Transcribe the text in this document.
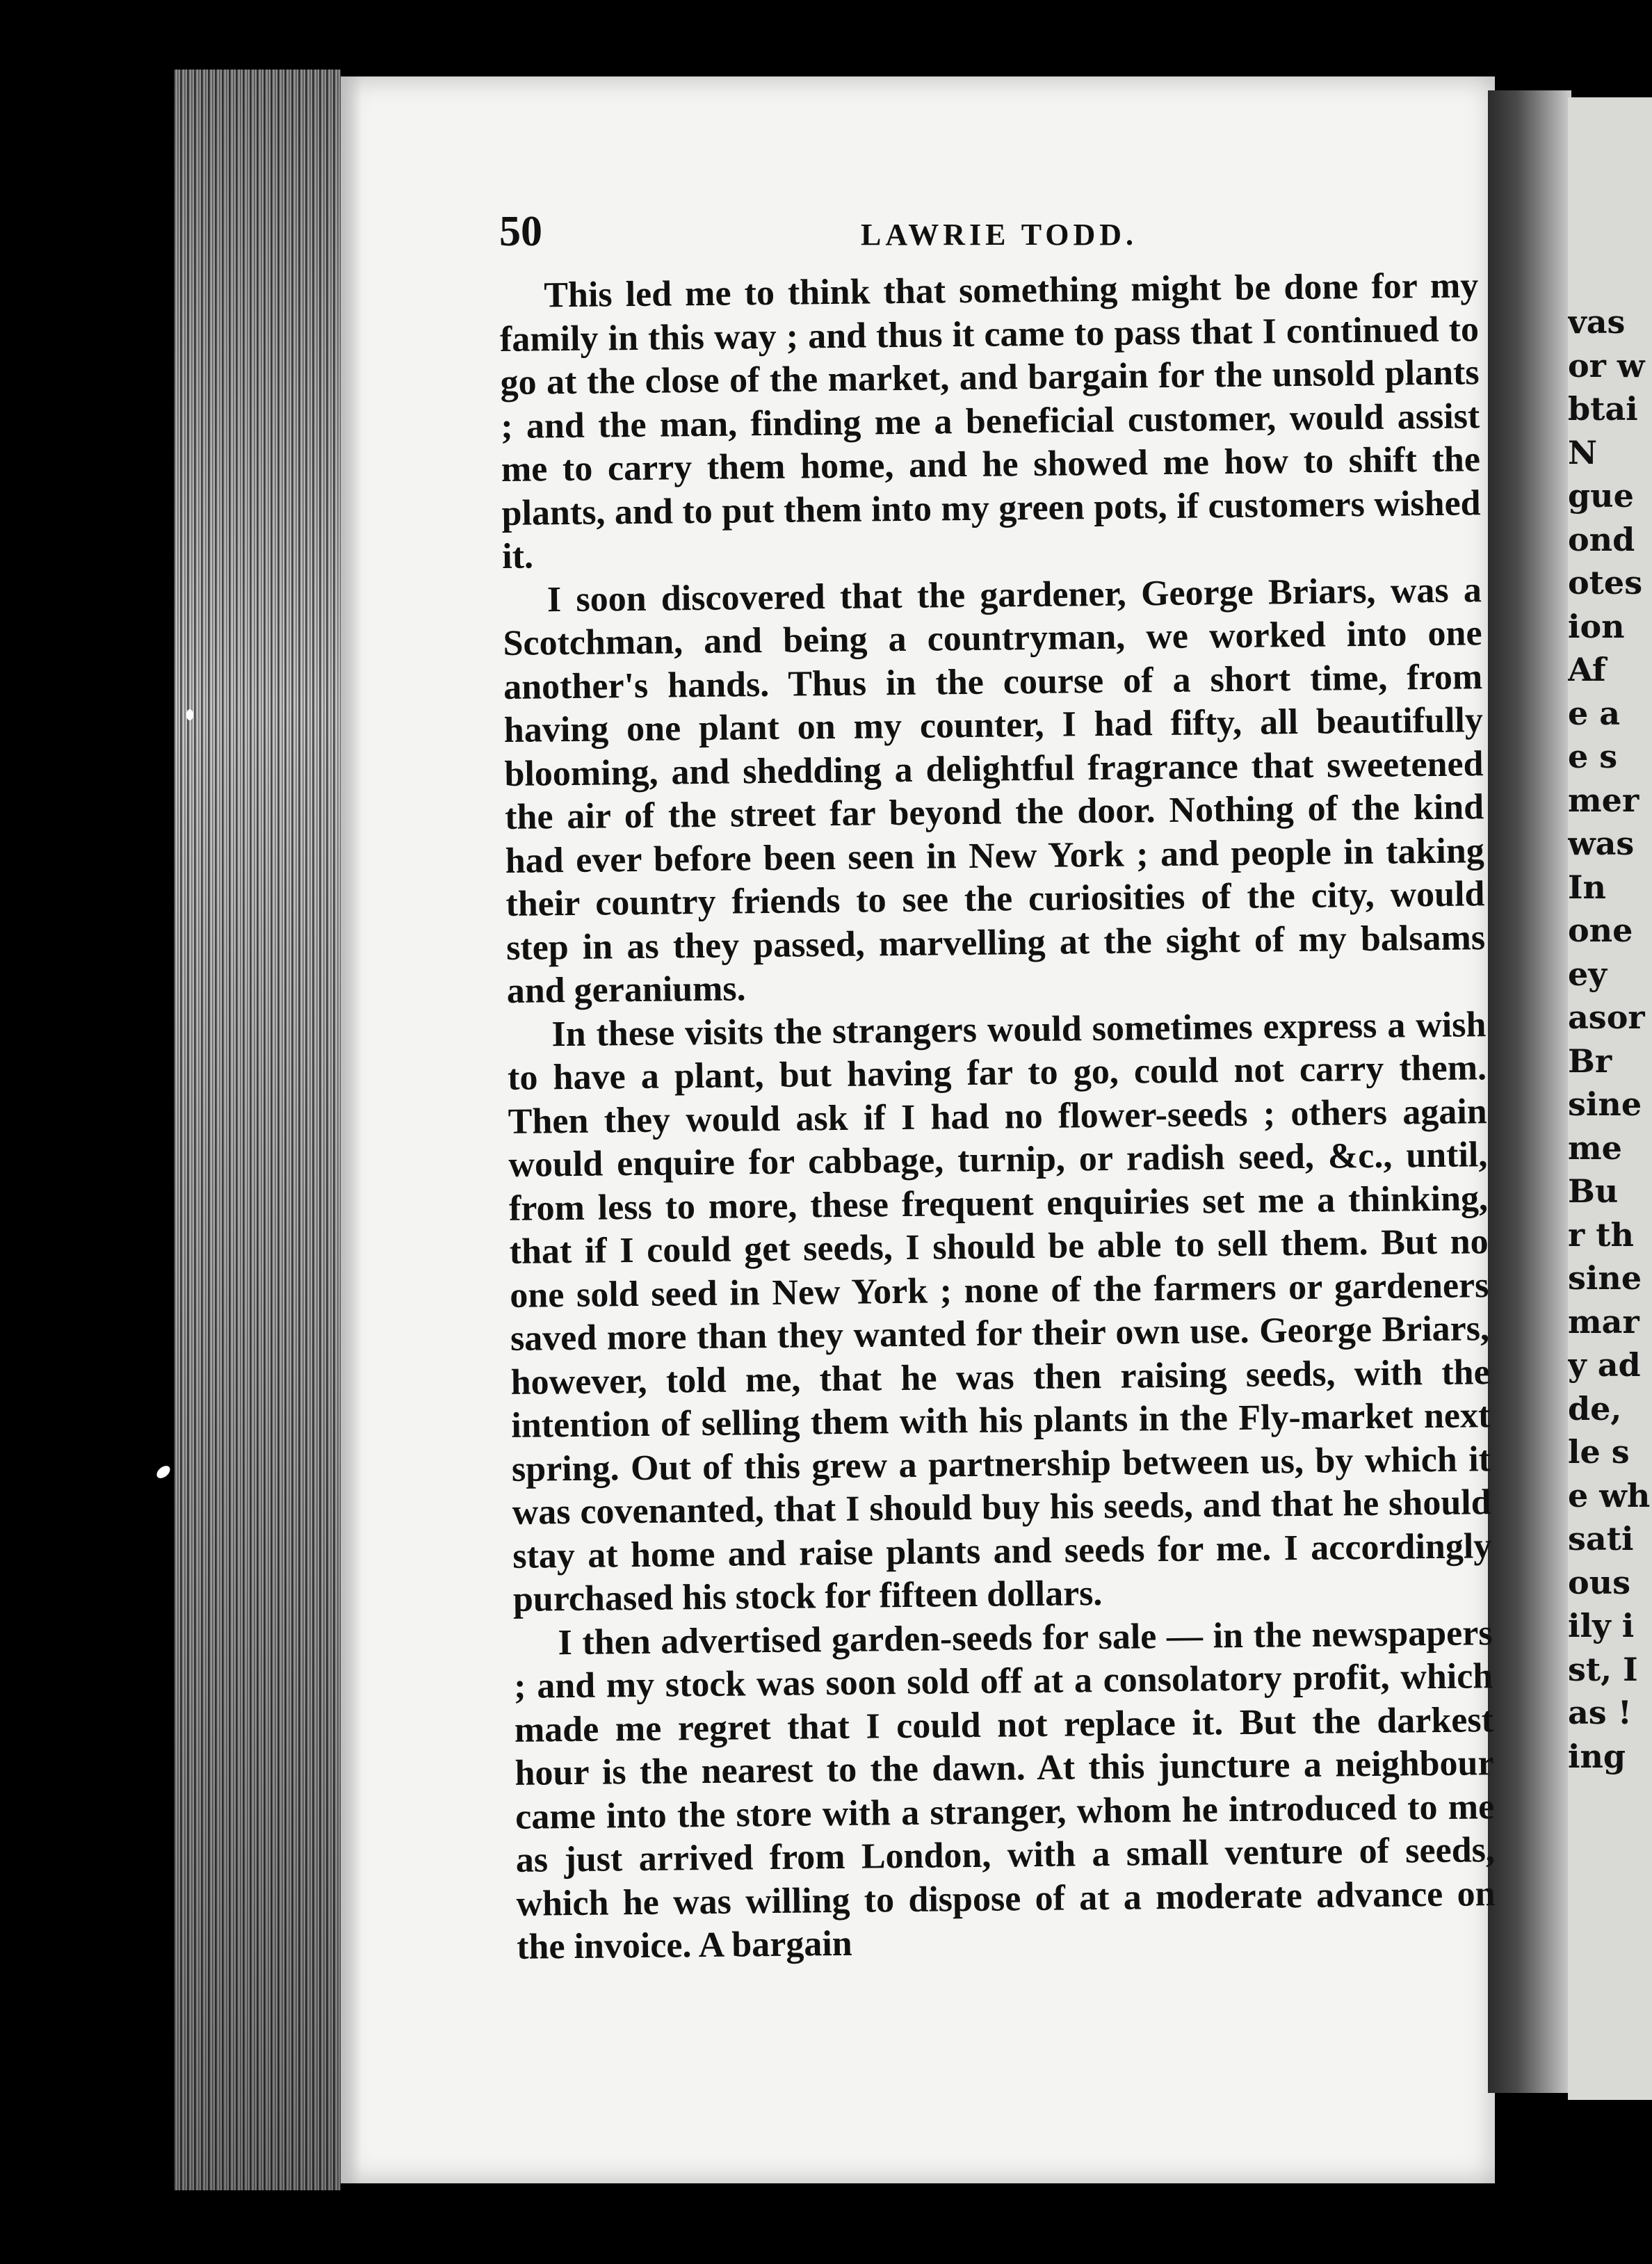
vas
or w
btai
N
gue
ond
otes
ion
Af
e a
e s
mer
was
In
one
ey
asor
Br
sine
me
Bu
r th
sine
mar
y ad
de,
le s
e wh
sati
ous
ily i
st, I
as !
ing
50	LAWRIE TODD.

This led me to think that something might be done for my family in this way ; and thus it came to pass that I continued to go at the close of the market, and bargain for the unsold plants ; and the man, finding me a beneficial customer, would assist me to carry them home, and he showed me how to shift the plants, and to put them into my green pots, if customers wished it.

I soon discovered that the gardener, George Briars, was a Scotchman, and being a countryman, we worked into one another's hands. Thus in the course of a short time, from having one plant on my counter, I had fifty, all beautifully blooming, and shedding a delightful fragrance that sweetened the air of the street far beyond the door. Nothing of the kind had ever before been seen in New York ; and people in taking their country friends to see the curiosities of the city, would step in as they passed, marvelling at the sight of my balsams and geraniums.

In these visits the strangers would sometimes express a wish to have a plant, but having far to go, could not carry them. Then they would ask if I had no flower-seeds ; others again would enquire for cabbage, turnip, or radish seed, &c., until, from less to more, these frequent enquiries set me a thinking, that if I could get seeds, I should be able to sell them. But no one sold seed in New York ; none of the farmers or gardeners saved more than they wanted for their own use. George Briars, however, told me, that he was then raising seeds, with the intention of selling them with his plants in the Fly-market next spring. Out of this grew a partnership between us, by which it was covenanted, that I should buy his seeds, and that he should stay at home and raise plants and seeds for me. I accordingly purchased his stock for fifteen dollars.

I then advertised garden-seeds for sale — in the newspapers ; and my stock was soon sold off at a consolatory profit, which made me regret that I could not replace it. But the darkest hour is the nearest to the dawn. At this juncture a neighbour came into the store with a stranger, whom he introduced to me as just arrived from London, with a small venture of seeds, which he was willing to dispose of at a moderate advance on the invoice. A bargain
